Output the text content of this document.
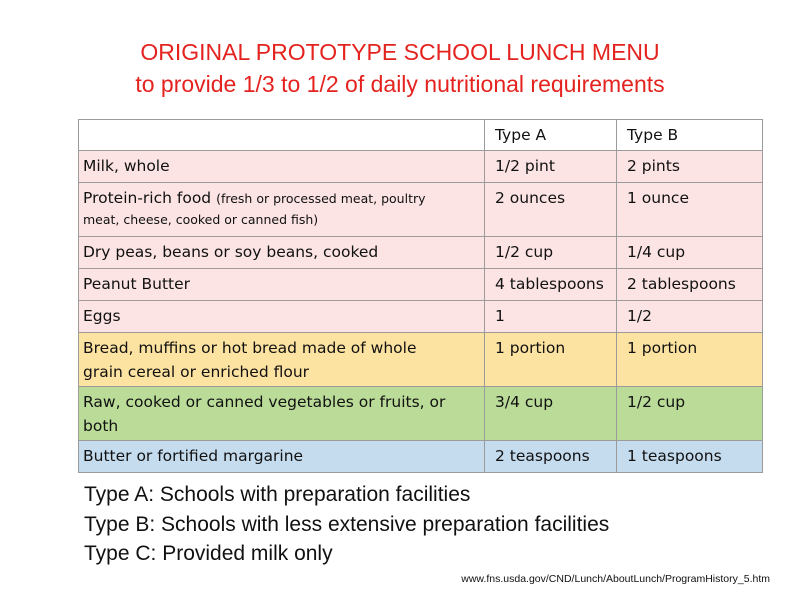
ORIGINAL PROTOTYPE SCHOOL LUNCH MENU
to provide 1/3 to 1/2 of daily nutritional requirements
	Type A	Type B
Milk, whole	1/2 pint	2 pints

Protein-rich food (fresh or processed meat, poultry
meat, cheese, cooked or canned fish)	2 ounces	1 ounce
Dry peas, beans or soy beans, cooked	1/2 cup	1/4 cup
Peanut Butter	4 tablespoons	2 tablespoons
Eggs	1	1/2

Bread, muffins or hot bread made of whole
grain cereal or enriched flour	1 portion	1 portion

Raw, cooked or canned vegetables or fruits, or
both	3/4 cup	1/2 cup
Butter or fortified margarine	2 teaspoons	1 teaspoons
Type A: Schools with preparation facilities
Type B: Schools with less extensive preparation facilities
Type C: Provided milk only
www.fns.usda.gov/CND/Lunch/AboutLunch/ProgramHistory_5.htm
